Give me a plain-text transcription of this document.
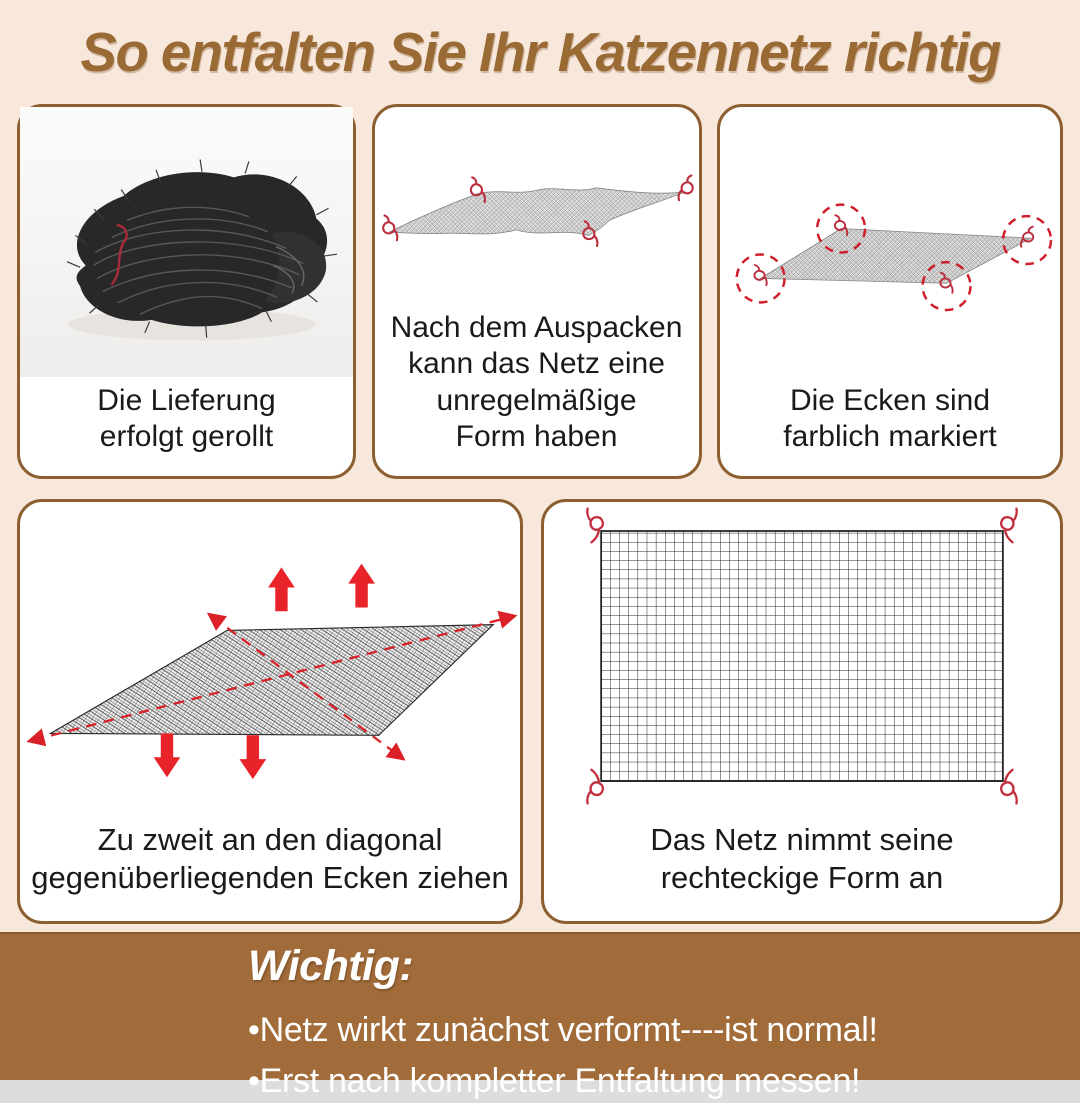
So entfalten Sie Ihr Katzennetz richtig
Die Lieferung
erfolgt gerollt
Nach dem Auspacken
kann das Netz eine
unregelmäßige
Form haben
Die Ecken sind
farblich markiert
Zu zweit an den diagonal
gegenüberliegenden Ecken ziehen
Das Netz nimmt seine
rechteckige Form an
Wichtig:
•Netz wirkt zunächst verformt----ist normal!
•Erst nach kompletter Entfaltung messen!
